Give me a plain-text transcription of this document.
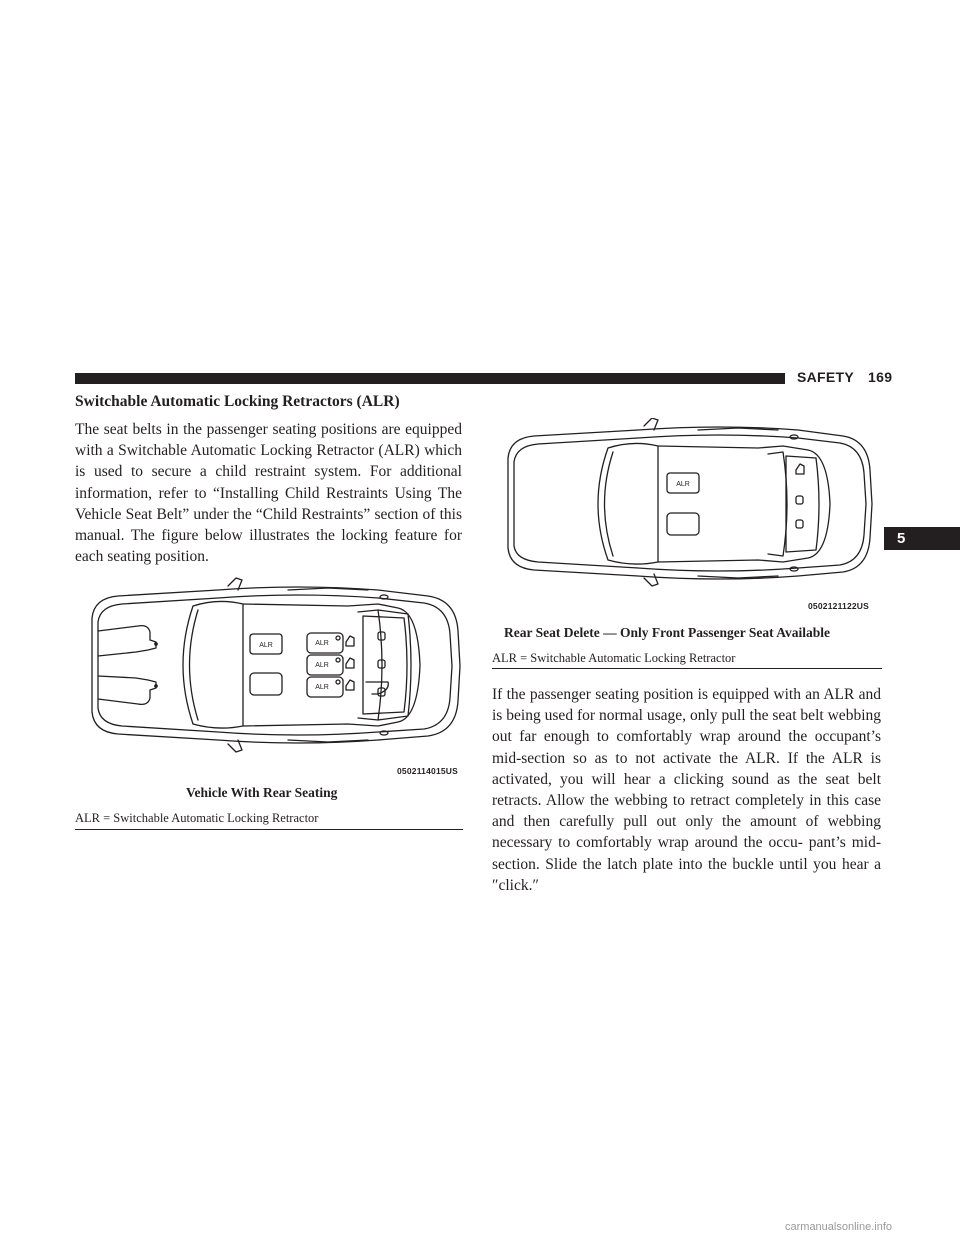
SAFETY 169
5
Switchable Automatic Locking Retractors (ALR)
The seat belts in the passenger seating positions are equipped with a Switchable Automatic Locking Retractor (ALR) which is used to secure a child restraint system. For additional information, refer to “Installing Child Restraints Using The Vehicle Seat Belt” under the “Child Restraints” section of this manual. The figure below illustrates the locking feature for each seating position.
ALR	ALR
ALR
ALR
0502114015US
Vehicle With Rear Seating
ALR = Switchable Automatic Locking Retractor
ALR
0502121122US
Rear Seat Delete — Only Front Passenger Seat Available
ALR = Switchable Automatic Locking Retractor
If the passenger seating position is equipped with an ALR and is being used for normal usage, only pull the seat belt webbing out far enough to comfortably wrap around the occupant’s mid-section so as to not activate the ALR. If the ALR is activated, you will hear a clicking sound as the seat belt retracts. Allow the webbing to retract completely in this case and then carefully pull out only the amount of webbing necessary to comfortably wrap around the occu- pant’s mid-section. Slide the latch plate into the buckle until you hear a ″click.″
carmanualsonline.info
